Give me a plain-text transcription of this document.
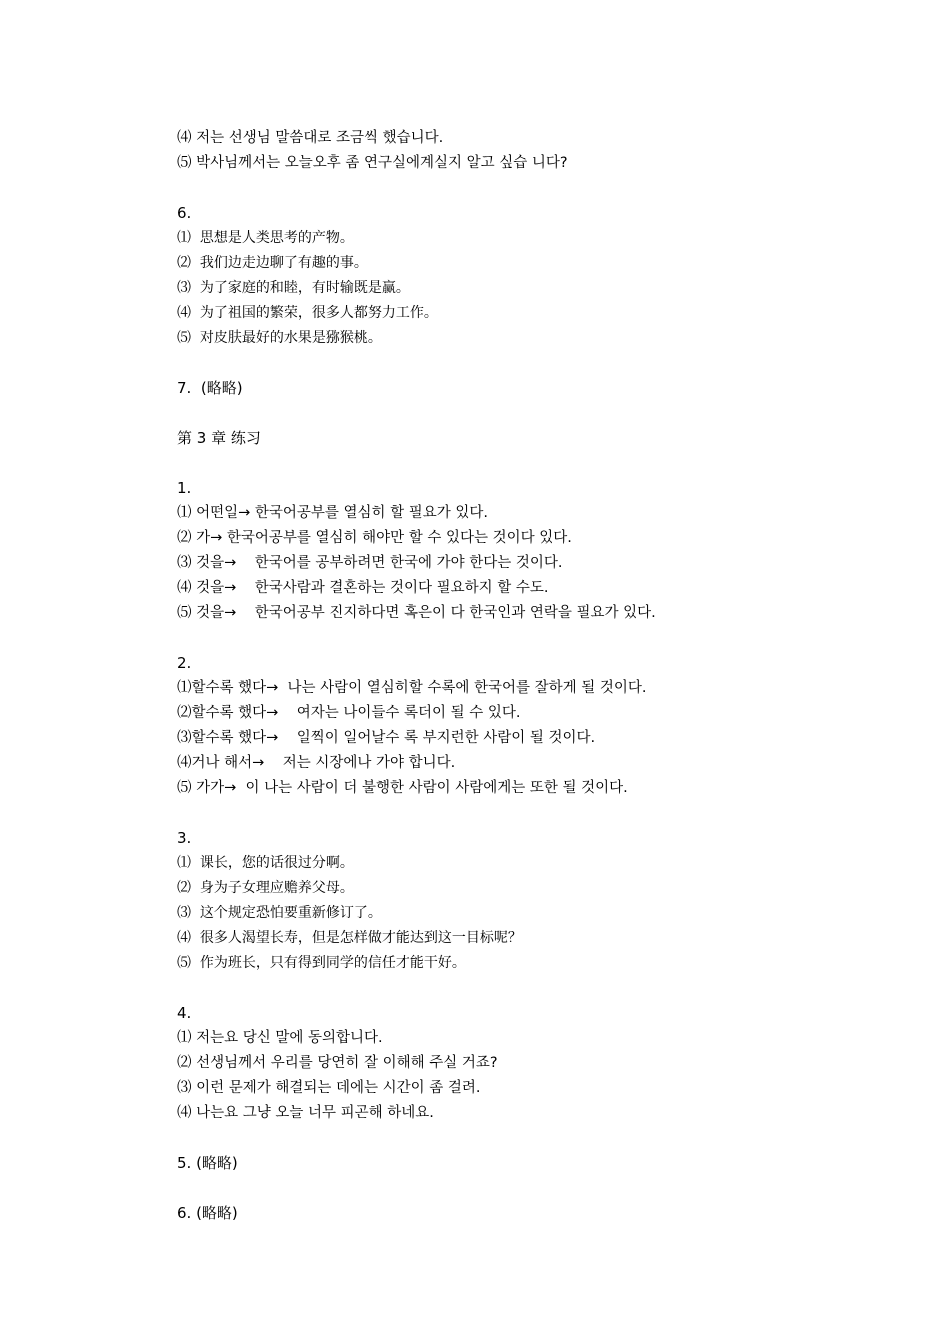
⑷ 저는 선생님 말씀대로 조금씩 했습니다.
⑸ 박사님께서는 오늘오후 좀 연구실에계실지 알고 싶습 니다?
6.
⑴  思想是人类思考的产物。
⑵  我们边走边聊了有趣的事。
⑶  为了家庭的和睦，有时输既是赢。
⑷  为了祖国的繁荣，很多人都努力工作。
⑸  对皮肤最好的水果是猕猴桃。
7.  (略略)
第 3 章 练习
1.
⑴ 어떤일→ 한국어공부를 열심히 할 필요가 있다.
⑵ 가→ 한국어공부를 열심히 해야만 할 수 있다는 것이다 있다.
⑶ 것을→    한국어를 공부하려면 한국에 가야 한다는 것이다.
⑷ 것을→    한국사람과 결혼하는 것이다 필요하지 할 수도.
⑸ 것을→    한국어공부 진지하다면 혹은이 다 한국인과 연락을 필요가 있다.
2.
⑴할수록 했다→  나는 사람이 열심히할 수록에 한국어를 잘하게 될 것이다.
⑵할수록 했다→    여자는 나이들수 록더이 될 수 있다.
⑶할수록 했다→    일찍이 일어날수 록 부지런한 사람이 될 것이다.
⑷거나 해서→    저는 시장에나 가야 합니다.
⑸ 가가→  이 나는 사람이 더 불행한 사람이 사람에게는 또한 될 것이다.
3.
⑴  课长，您的话很过分啊。
⑵  身为子女理应赡养父母。
⑶  这个规定恐怕要重新修订了。
⑷  很多人渴望长寿，但是怎样做才能达到这一目标呢？
⑸  作为班长，只有得到同学的信任才能干好。
4.
⑴ 저는요 당신 말에 동의합니다.
⑵ 선생님께서 우리를 당연히 잘 이해해 주실 거죠?
⑶ 이런 문제가 해결되는 데에는 시간이 좀 걸려.
⑷ 나는요 그냥 오늘 너무 피곤해 하네요.
5. (略略)
6. (略略)
